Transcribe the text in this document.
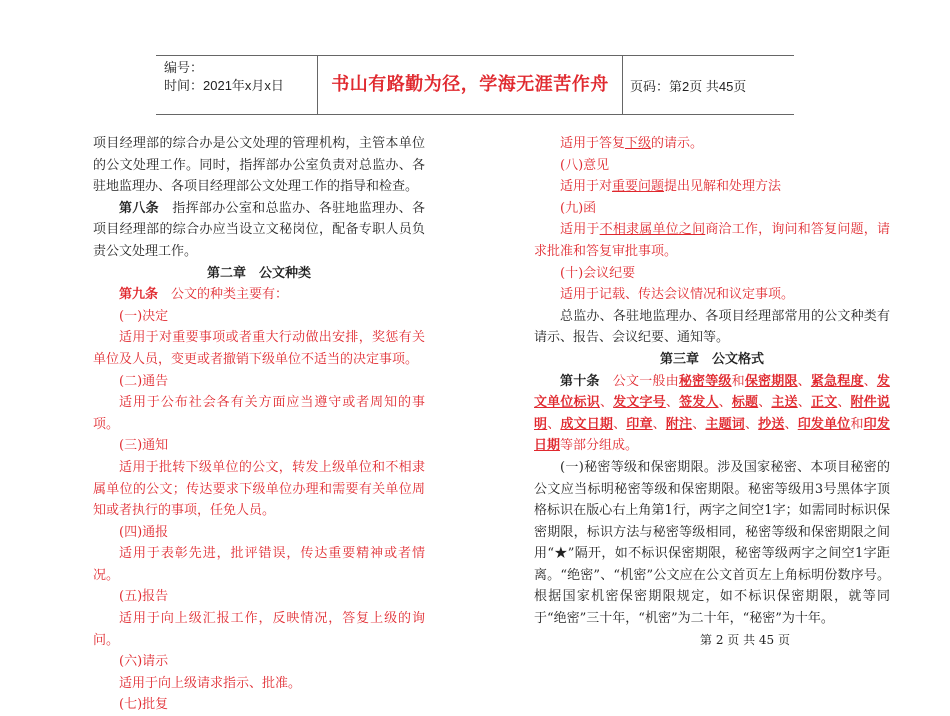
编号：
时间：2021年x月x日	书山有路勤为径，学海无涯苦作舟	页码：第2页 共45页

项目经理部的综合办是公文处理的管理机构，主管本单位的公文处理工作。同时，指挥部办公室负责对总监办、各驻地监理办、各项目经理部公文处理工作的指导和检查。

第八条　指挥部办公室和总监办、各驻地监理办、各项目经理部的综合办应当设立文秘岗位，配备专职人员负责公文处理工作。

第二章　公文种类

第九条　公文的种类主要有：

(一)决定

适用于对重要事项或者重大行动做出安排，奖惩有关单位及人员，变更或者撤销下级单位不适当的决定事项。

(二)通告

适用于公布社会各有关方面应当遵守或者周知的事项。

(三)通知

适用于批转下级单位的公文，转发上级单位和不相隶属单位的公文；传达要求下级单位办理和需要有关单位周知或者执行的事项，任免人员。

(四)通报

适用于表彰先进，批评错误，传达重要精神或者情况。

(五)报告

适用于向上级汇报工作，反映情况，答复上级的询问。

(六)请示

适用于向上级请求指示、批准。

(七)批复

适用于答复下级的请示。

(八)意见

适用于对重要问题提出见解和处理方法

(九)函

适用于不相隶属单位之间商洽工作，询问和答复问题，请求批准和答复审批事项。

(十)会议纪要

适用于记载、传达会议情况和议定事项。

总监办、各驻地监理办、各项目经理部常用的公文种类有请示、报告、会议纪要、通知等。

第三章　公文格式

第十条　公文一般由秘密等级和保密期限、紧急程度、发文单位标识、发文字号、签发人、标题、主送、正文、附件说明、成文日期、印章、附注、主题词、抄送、印发单位和印发日期等部分组成。

(一)秘密等级和保密期限。涉及国家秘密、本项目秘密的公文应当标明秘密等级和保密期限。秘密等级用3号黑体字顶格标识在版心右上角第1行，两字之间空1字；如需同时标识保密期限，标识方法与秘密等级相同，秘密等级和保密期限之间用“★”隔开，如不标识保密期限，秘密等级两字之间空1字距离。“绝密”、“机密”公文应在公文首页左上角标明份数序号。根据国家机密保密期限规定，如不标识保密期限，就等同于“绝密”三十年，“机密”为二十年，“秘密”为十年。

第 2 页 共 45 页
